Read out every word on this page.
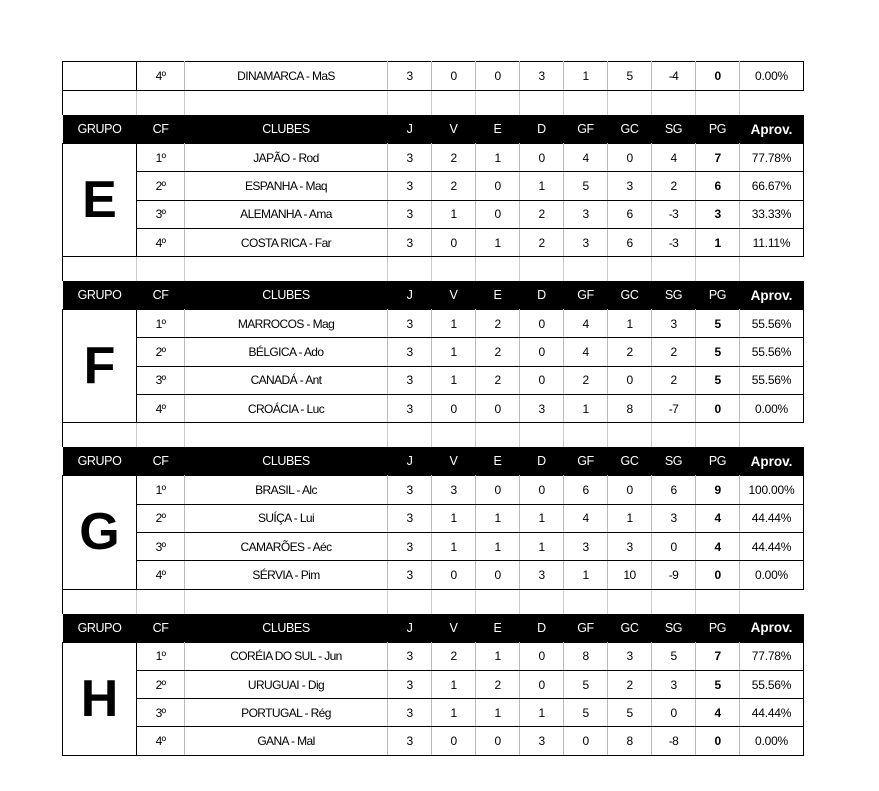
	4º	DINAMARCA - MaS	3	0	0	3	1	5	-4	0	0.00%

GRUPO	CF	CLUBES	J	V	E	D	GF	GC	SG	PG	Aprov.
E	1º	JAPÃO - Rod	3	2	1	0	4	0	4	7	77.78%
	2º	ESPANHA - Maq	3	2	0	1	5	3	2	6	66.67%
	3º	ALEMANHA - Ama	3	1	0	2	3	6	-3	3	33.33%
	4º	COSTA RICA - Far	3	0	1	2	3	6	-3	1	11.11%

GRUPO	CF	CLUBES	J	V	E	D	GF	GC	SG	PG	Aprov.
F	1º	MARROCOS - Mag	3	1	2	0	4	1	3	5	55.56%
	2º	BÉLGICA - Ado	3	1	2	0	4	2	2	5	55.56%
	3º	CANADÁ - Ant	3	1	2	0	2	0	2	5	55.56%
	4º	CROÁCIA - Luc	3	0	0	3	1	8	-7	0	0.00%

GRUPO	CF	CLUBES	J	V	E	D	GF	GC	SG	PG	Aprov.
G	1º	BRASIL - Alc	3	3	0	0	6	0	6	9	100.00%
	2º	SUÍÇA - Lui	3	1	1	1	4	1	3	4	44.44%
	3º	CAMARÕES - Aéc	3	1	1	1	3	3	0	4	44.44%
	4º	SÉRVIA - Pim	3	0	0	3	1	10	-9	0	0.00%

GRUPO	CF	CLUBES	J	V	E	D	GF	GC	SG	PG	Aprov.
H	1º	CORÉIA DO SUL - Jun	3	2	1	0	8	3	5	7	77.78%
	2º	URUGUAI - Dig	3	1	2	0	5	2	3	5	55.56%
	3º	PORTUGAL - Rég	3	1	1	1	5	5	0	4	44.44%
	4º	GANA - Mal	3	0	0	3	0	8	-8	0	0.00%
